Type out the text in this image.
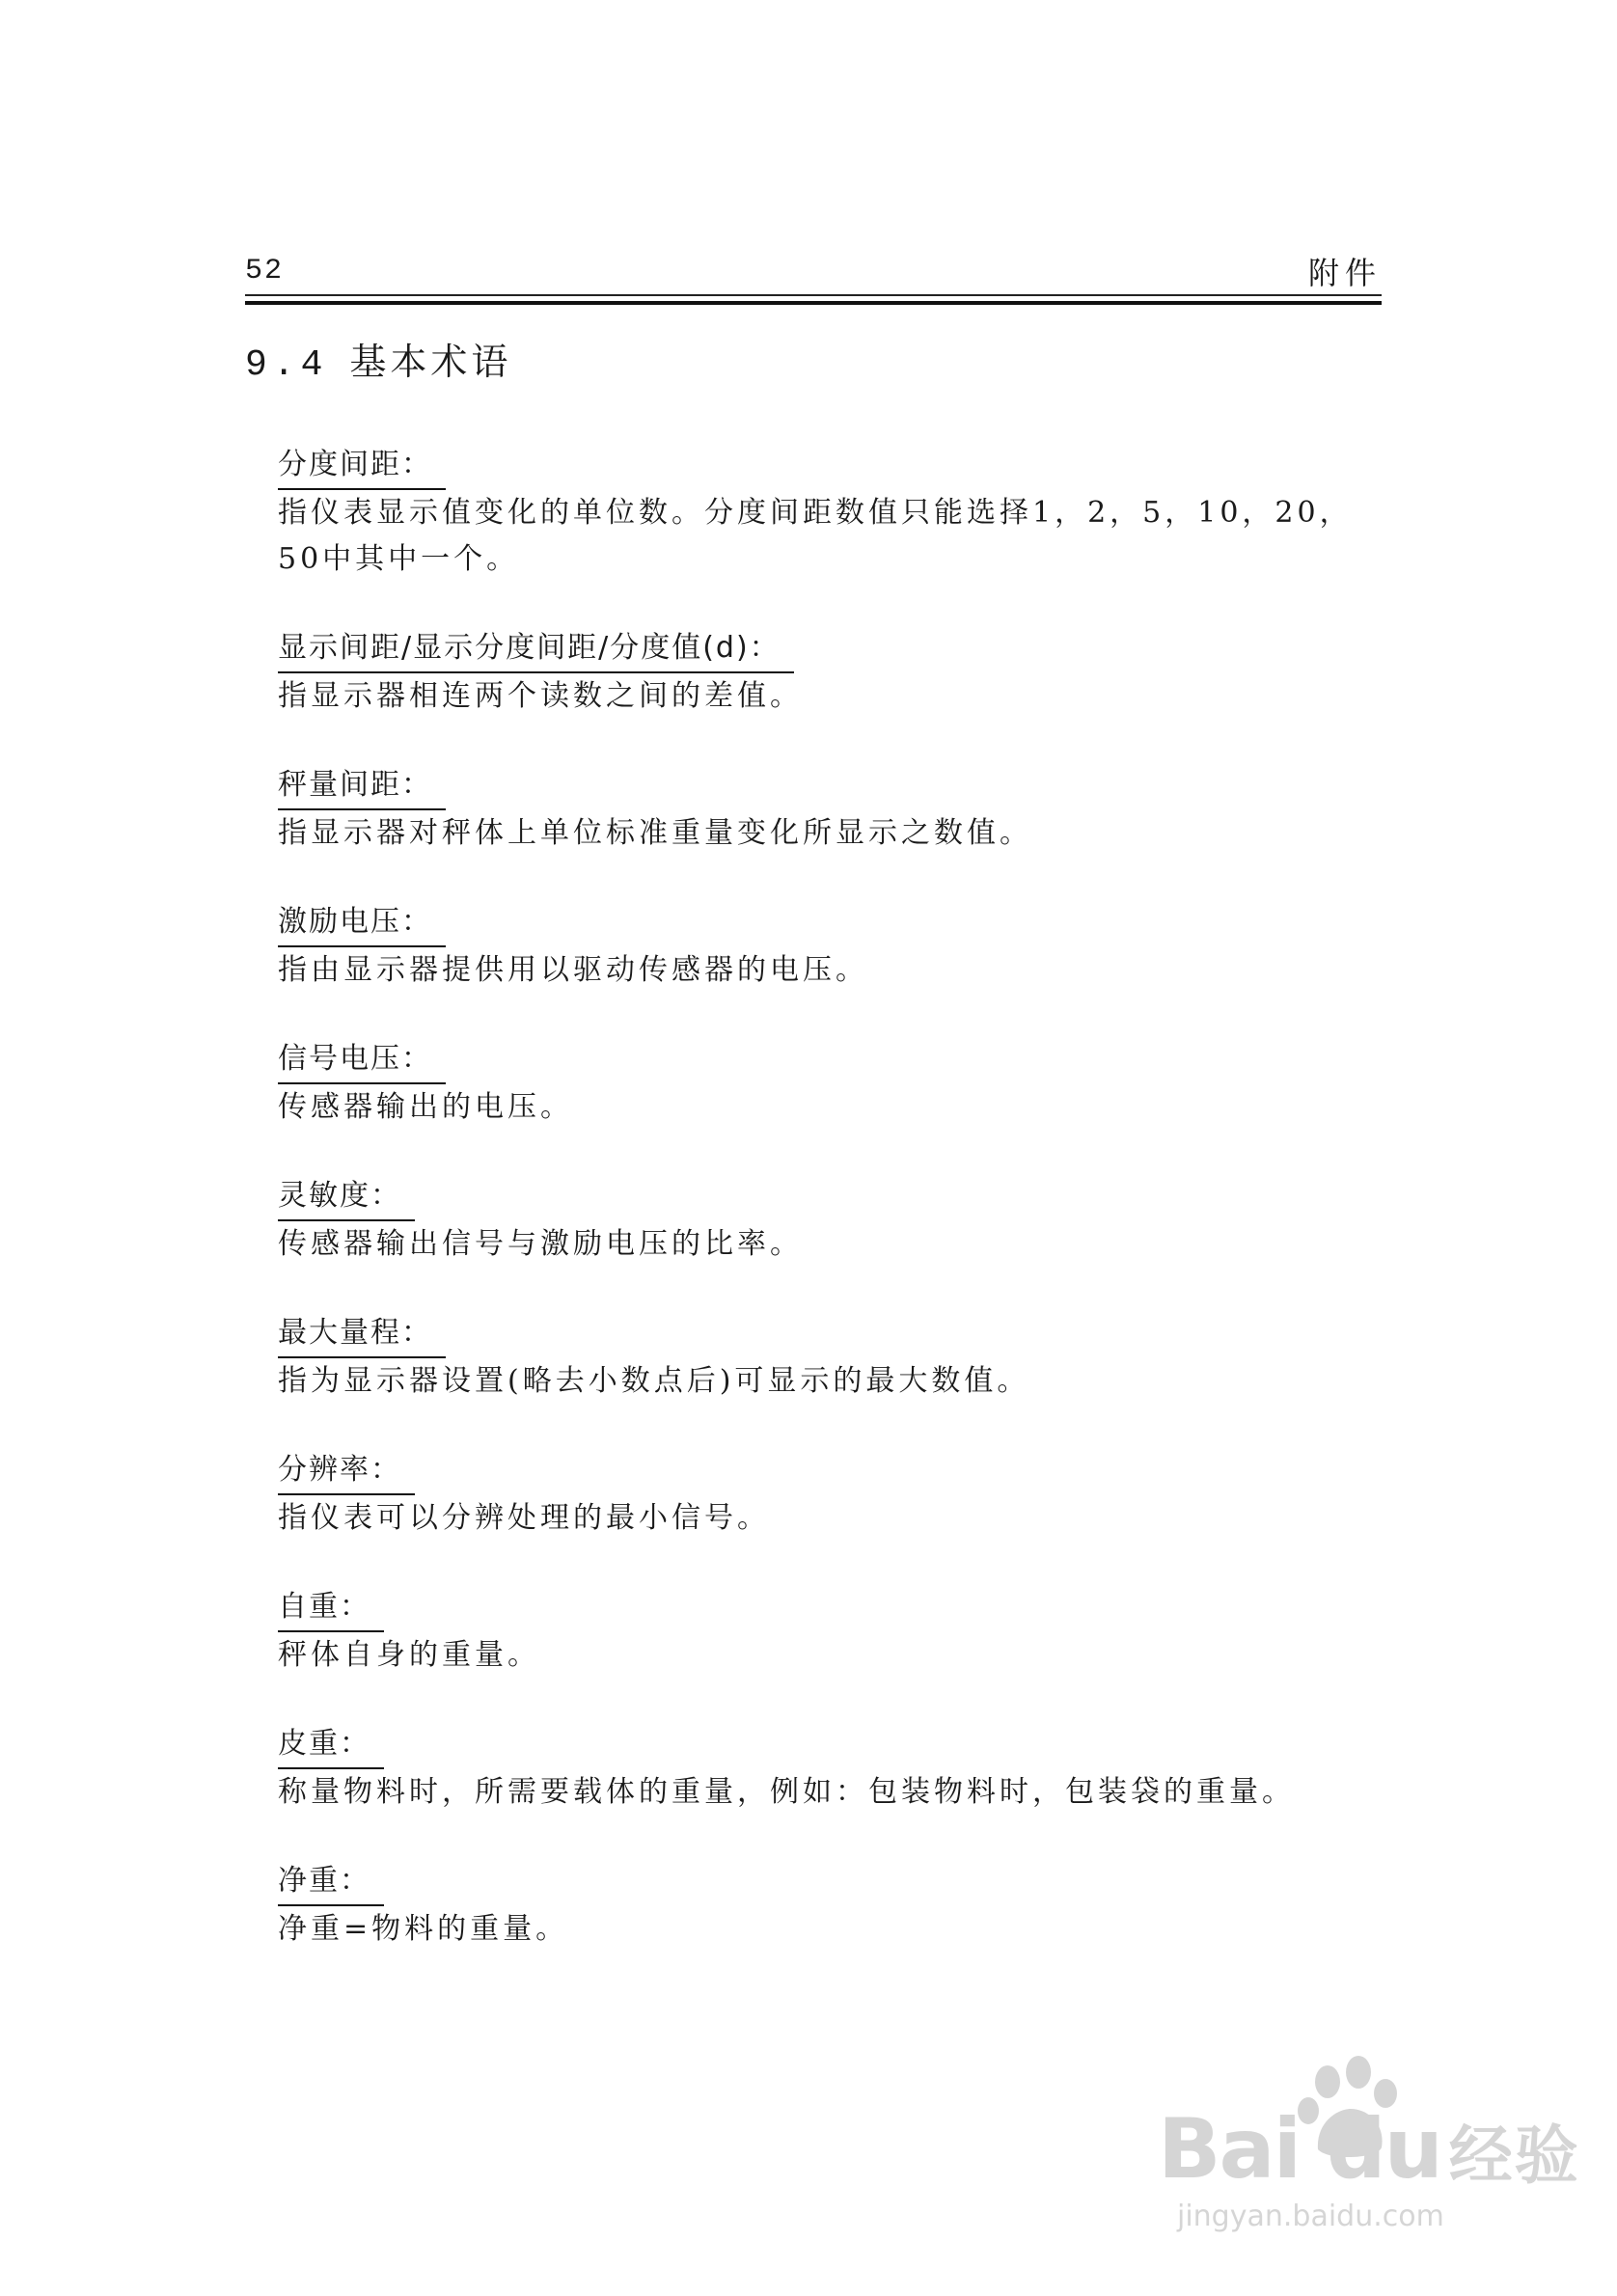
52	附件
9.4 基本术语

分度间距：

指仪表显示值变化的单位数。分度间距数值只能选择1，2，5，10，20，50中其中一个。

显示间距/显示分度间距/分度值(d)：

指显示器相连两个读数之间的差值。

秤量间距：

指显示器对秤体上单位标准重量变化所显示之数值。

激励电压：

指由显示器提供用以驱动传感器的电压。

信号电压：

传感器输出的电压。

灵敏度：

传感器输出信号与激励电压的比率。

最大量程：

指为显示器设置(略去小数点后)可显示的最大数值。

分辨率：

指仪表可以分辨处理的最小信号。

自重：

秤体自身的重量。

皮重：

称量物料时，所需要载体的重量，例如：包装物料时，包装袋的重量。

净重：

净重=物料的重量。

Bai du 经验
jingyan.baidu.com
